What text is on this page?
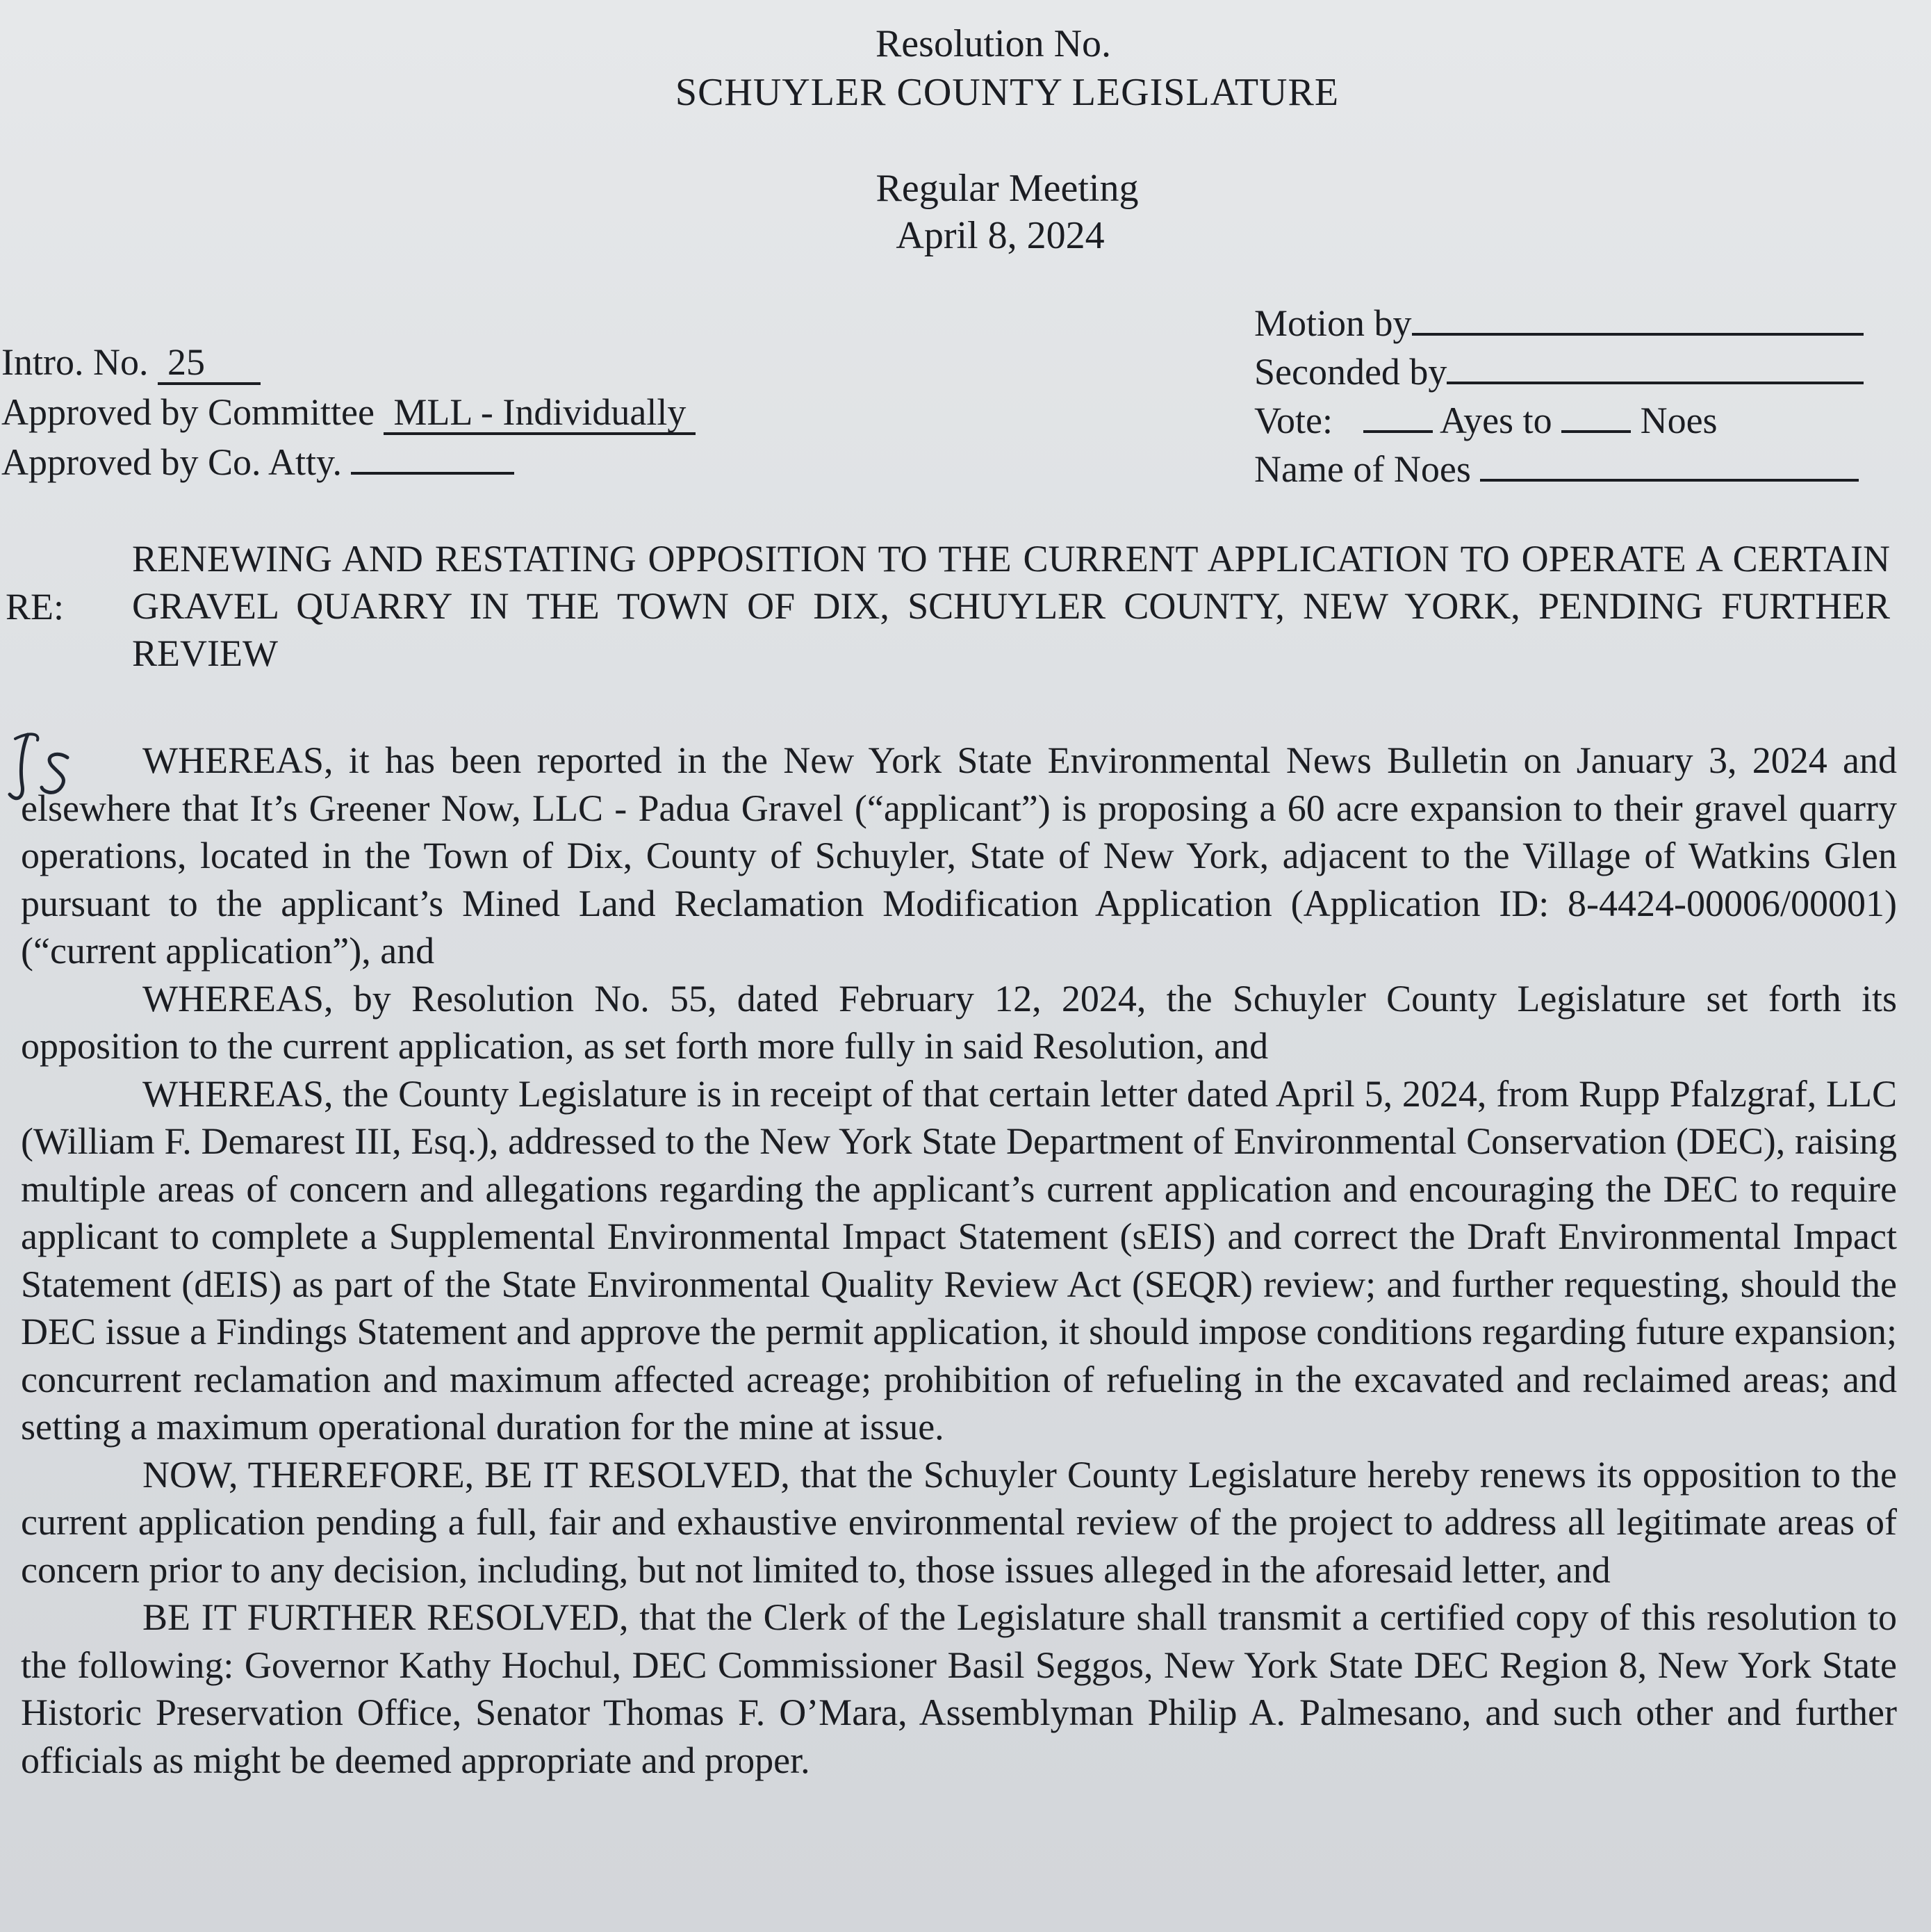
Resolution No.
SCHUYLER COUNTY LEGISLATURE
Regular Meeting
April 8, 2024
Intro. No. 25
Approved by Committee MLL - Individually
Approved by Co. Atty.
Motion by
Seconded by
Vote:	Ayes to Noes
Name of Noes
RE:
RENEWING AND RESTATING OPPOSITION TO THE CURRENT APPLICATION TO OPERATE A CERTAIN GRAVEL QUARRY IN THE TOWN OF DIX, SCHUYLER COUNTY, NEW YORK, PENDING FURTHER REVIEW

WHEREAS, it has been reported in the New York State Environmental News Bulletin on January 3, 2024 and elsewhere that It’s Greener Now, LLC - Padua Gravel (“applicant”) is proposing a 60 acre expansion to their gravel quarry operations, located in the Town of Dix, County of Schuyler, State of New York, adjacent to the Village of Watkins Glen pursuant to the applicant’s Mined Land Reclamation Modification Application (Application ID: 8-4424-00006/00001) (“current application”), and

WHEREAS, by Resolution No. 55, dated February 12, 2024, the Schuyler County Legislature set forth its opposition to the current application, as set forth more fully in said Resolution, and

WHEREAS, the County Legislature is in receipt of that certain letter dated April 5, 2024, from Rupp Pfalzgraf, LLC (William F. Demarest III, Esq.), addressed to the New York State Department of Environmental Conservation (DEC), raising multiple areas of concern and allegations regarding the applicant’s current application and encouraging the DEC to require applicant to complete a Supplemental Environmental Impact Statement (sEIS) and correct the Draft Environmental Impact Statement (dEIS) as part of the State Environmental Quality Review Act (SEQR) review; and further requesting, should the DEC issue a Findings Statement and approve the permit application, it should impose conditions regarding future expansion; concurrent reclamation and maximum affected acreage; prohibition of refueling in the excavated and reclaimed areas; and setting a maximum operational duration for the mine at issue.

NOW, THEREFORE, BE IT RESOLVED, that the Schuyler County Legislature hereby renews its opposition to the current application pending a full, fair and exhaustive environmental review of the project to address all legitimate areas of concern prior to any decision, including, but not limited to, those issues alleged in the aforesaid letter, and

BE IT FURTHER RESOLVED, that the Clerk of the Legislature shall transmit a certified copy of this resolution to the following: Governor Kathy Hochul, DEC Commissioner Basil Seggos, New York State DEC Region 8, New York State Historic Preservation Office, Senator Thomas F. O’Mara, Assemblyman Philip A. Palmesano, and such other and further officials as might be deemed appropriate and proper.
